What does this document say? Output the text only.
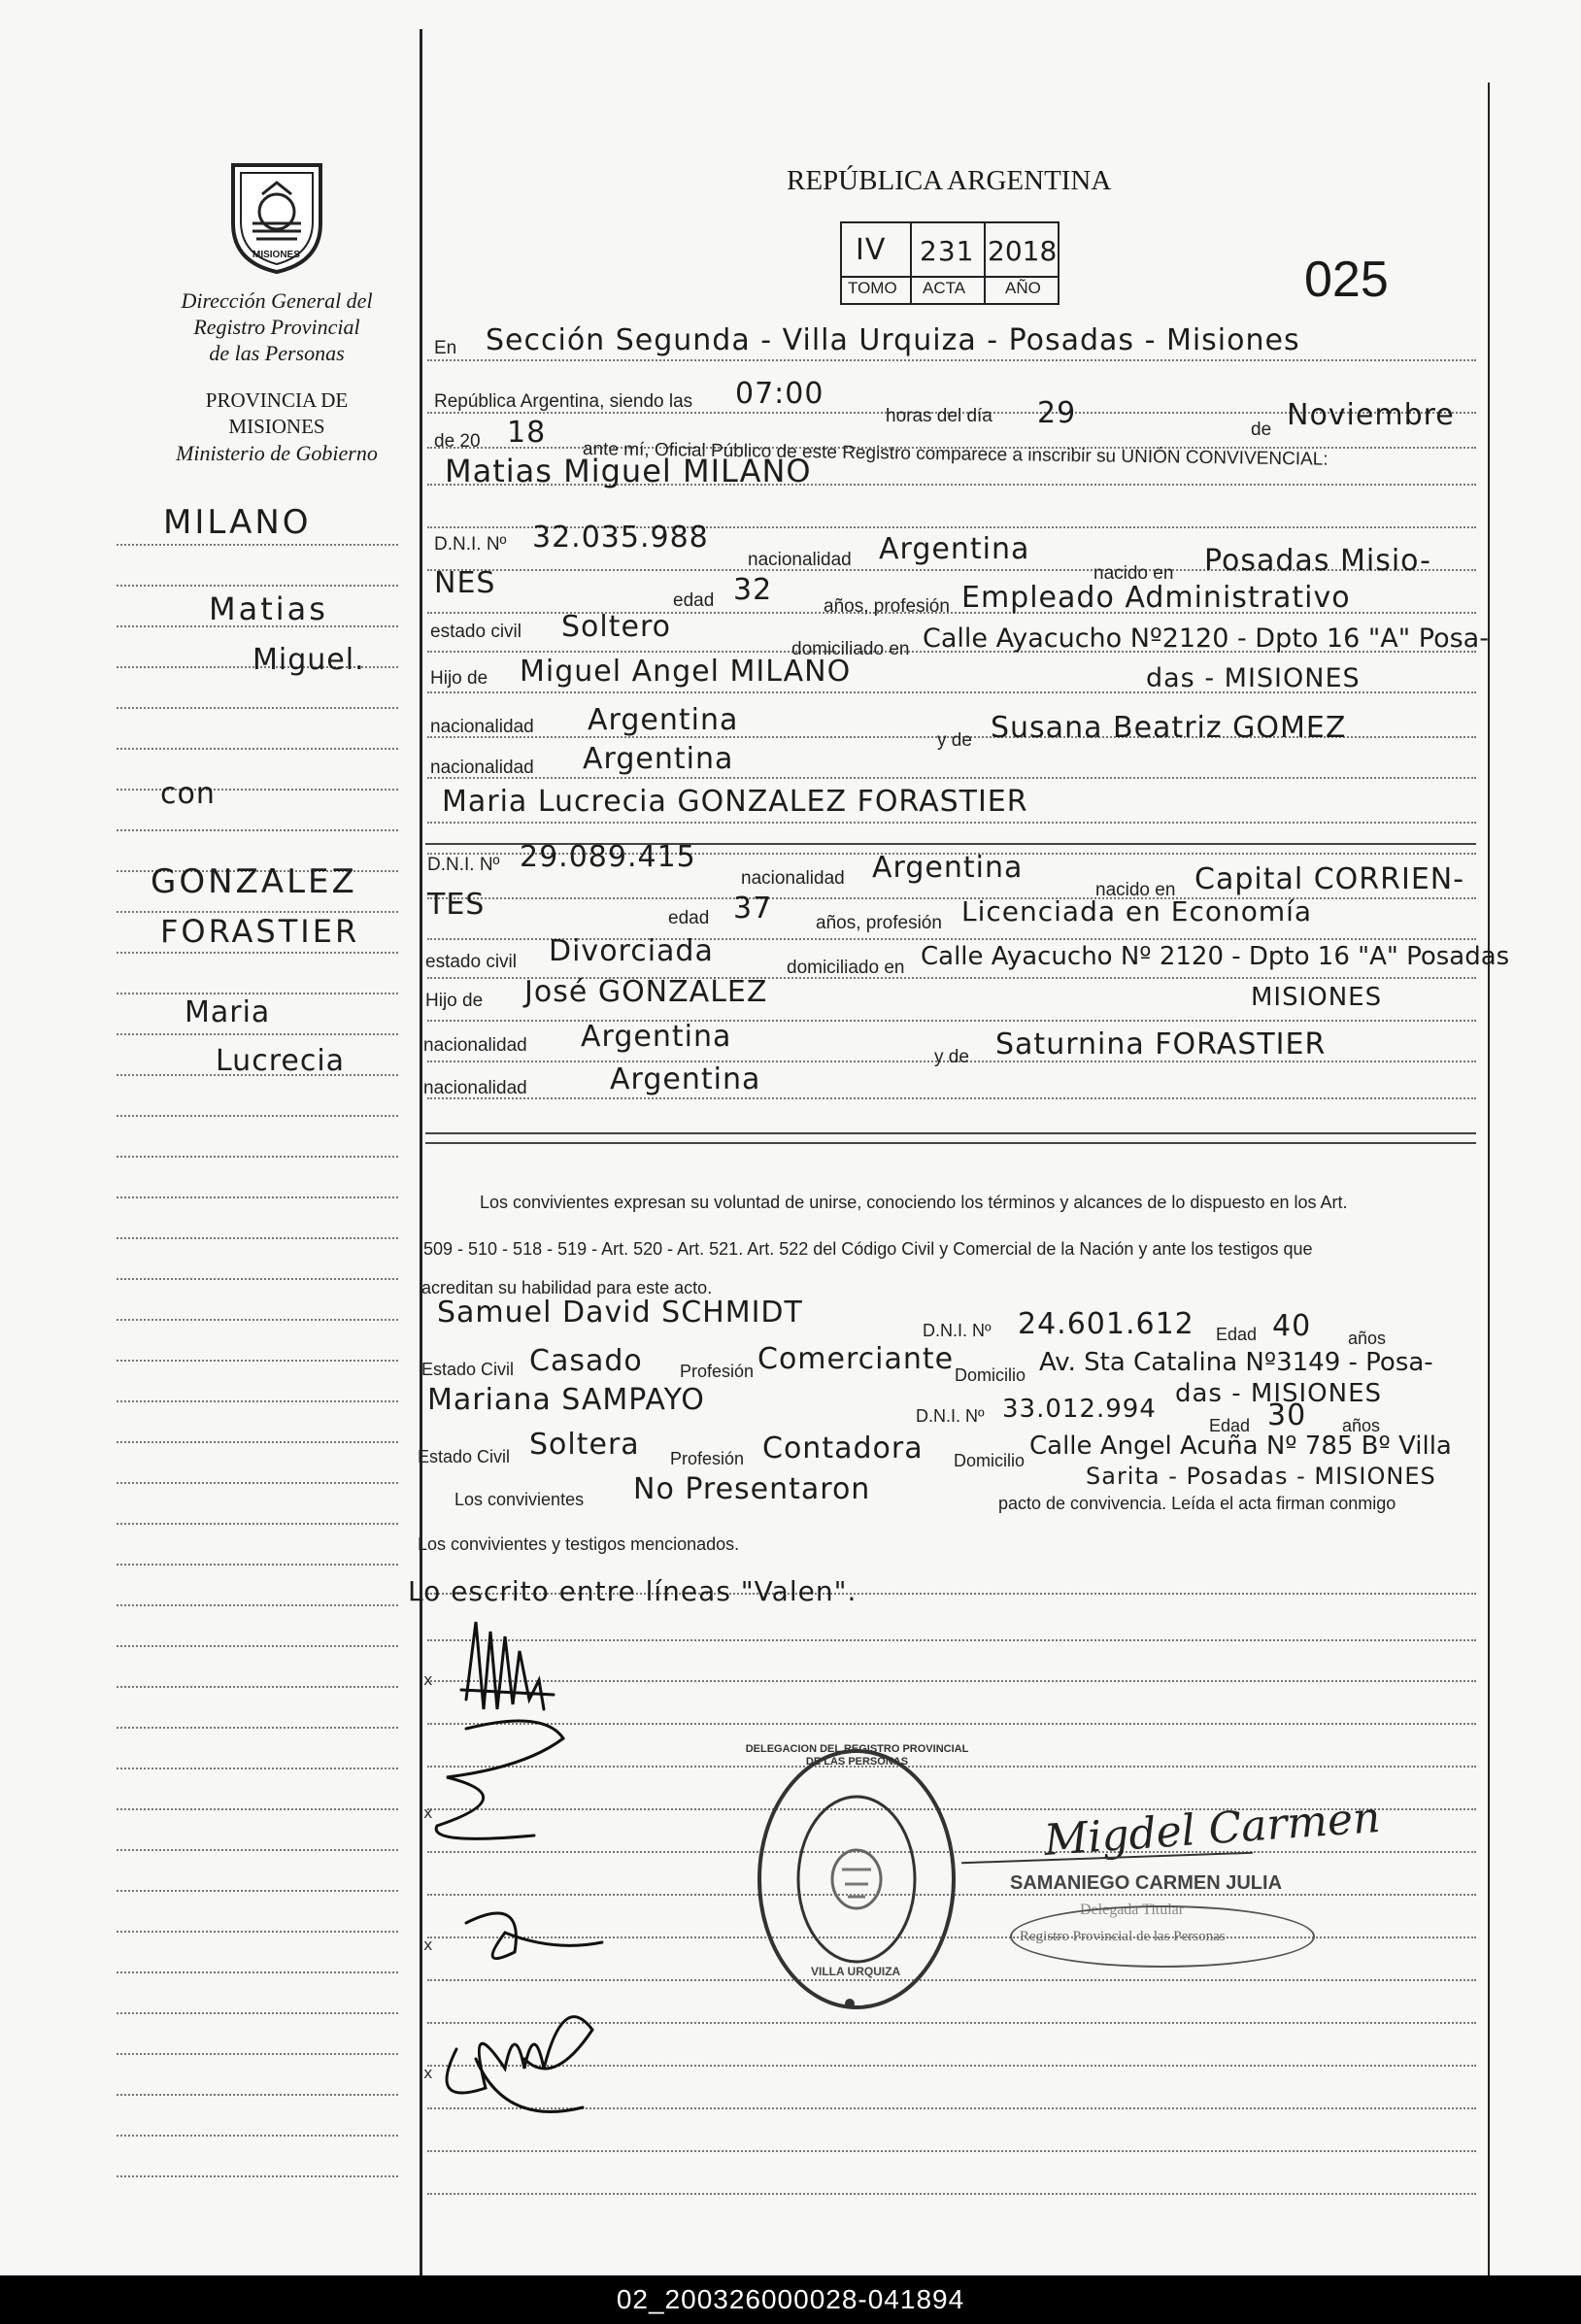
MISIONES
Dirección General del
Registro Provincial
de las Personas
PROVINCIA DE
MISIONES
Ministerio de Gobierno
MILANO
Matias
Miguel.
con
GONZALEZ
FORASTIER
Maria
Lucrecia
REPÚBLICA ARGENTINA
IV 231 2018
TOMO ACTA AÑO	025
En Sección Segunda - Villa Urquiza - Posadas - Misiones
República Argentina, siendo las 07:00
horas del día 29	de Noviembre
de 20 18
ante mí, Oficial Público de este Registro comparece a inscribir su UNIÓN CONVIVENCIAL:
Matias Miguel MILANO
D.N.I. Nº 32.035.988
nacionalidad Argentina
nacido en Posadas Misio-
NES
edad 32	años, profesión Empleado Administrativo
estado civil Soltero
domiciliado en Calle Ayacucho Nº2120 - Dpto 16 "A" Posa-
Hijo de Miguel Angel MILANO	das - MISIONES
nacionalidad Argentina
y de Susana Beatriz GOMEZ
nacionalidad Argentina
Maria Lucrecia GONZALEZ FORASTIER
D.N.I. Nº 29.089.415
nacionalidad Argentina
nacido en Capital CORRIEN-
TES	edad 37 años, profesión Licenciada en Economía
estado civil Divorciada	domiciliado en Calle Ayacucho Nº 2120 - Dpto 16 "A" Posadas
Hijo de José GONZALEZ	MISIONES
nacionalidad Argentina
y de Saturnina FORASTIER
nacionalidad	Argentina
Los convivientes expresan su voluntad de unirse, conociendo los términos y alcances de lo dispuesto en los Art.
509 - 510 - 518 - 519 - Art. 520 - Art. 521. Art. 522 del Código Civil y Comercial de la Nación y ante los testigos que
acreditan su habilidad para este acto.
Samuel David SCHMIDT
D.N.I. Nº 24.601.612 Edad 40 años
Estado Civil Casado Profesión Comerciante Domicilio Av. Sta Catalina Nº3149 - Posa-
das - MISIONES
Mariana SAMPAYO	D.N.I. Nº 33.012.994
Edad 30 años
Estado Civil Soltera Profesión Contadora Domicilio Calle Angel Acuña Nº 785 Bº Villa
Sarita - Posadas - MISIONES
Los convivientes No Presentaron	pacto de convivencia. Leída el acta firman conmigo
Los convivientes y testigos mencionados.
Lo escrito entre líneas "Valen".
x
x
x
x
DELEGACION DEL REGISTRO PROVINCIAL DE LAS PERSONAS
VILLA URQUIZA
Migdel Carmen
SAMANIEGO CARMEN JULIA
Delegada Titular
Registro Provincial de las Personas
02_200326000028-041894
